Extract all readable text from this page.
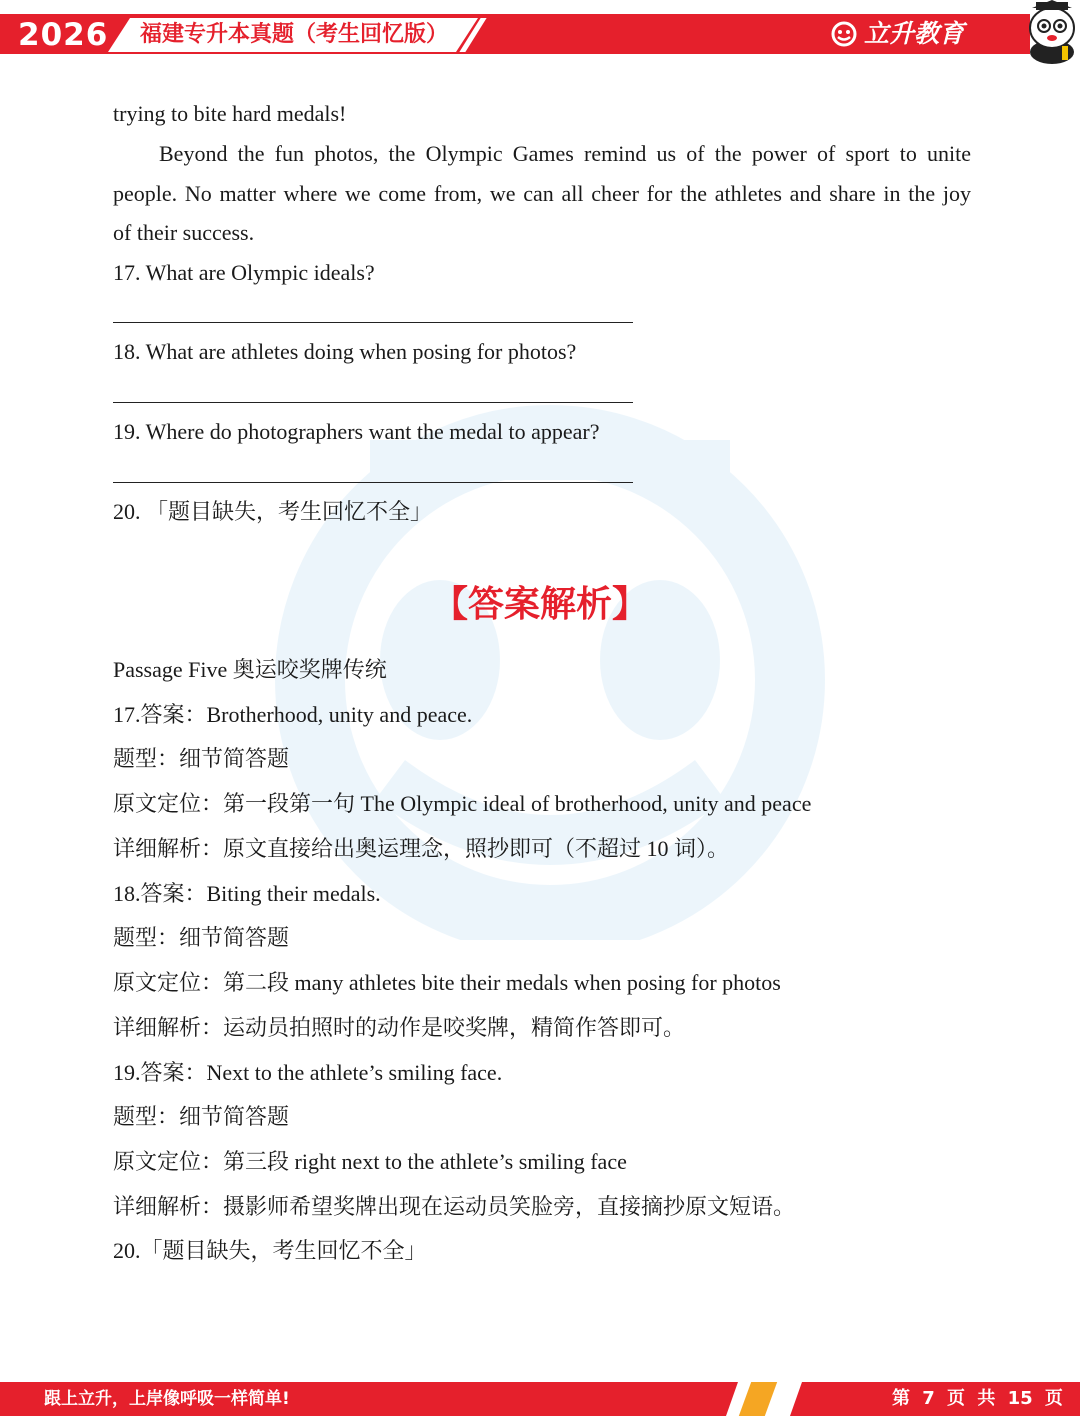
2026 福建专升本真题（考生回忆版）	立升教育
trying to bite hard medals!
Beyond the fun photos, the Olympic Games remind us of the power of sport to unite
people. No matter where we come from, we can all cheer for the athletes and share in the joy
of their success.
17. What are Olympic ideals?
18. What are athletes doing when posing for photos?
19. Where do photographers want the medal to appear?
20. 「题目缺失，考生回忆不全」
【答案解析】
Passage Five 奥运咬奖牌传统
17.答案：Brotherhood, unity and peace.
题型：细节简答题
原文定位：第一段第一句 The Olympic ideal of brotherhood, unity and peace
详细解析：原文直接给出奥运理念，照抄即可（不超过 10 词）。
18.答案：Biting their medals.
题型：细节简答题
原文定位：第二段 many athletes bite their medals when posing for photos
详细解析：运动员拍照时的动作是咬奖牌，精简作答即可。
19.答案：Next to the athlete’s smiling face.
题型：细节简答题
原文定位：第三段 right next to the athlete’s smiling face
详细解析：摄影师希望奖牌出现在运动员笑脸旁，直接摘抄原文短语。
20.「题目缺失，考生回忆不全」
跟上立升，上岸像呼吸一样简单!	第 7 页 共 15 页
